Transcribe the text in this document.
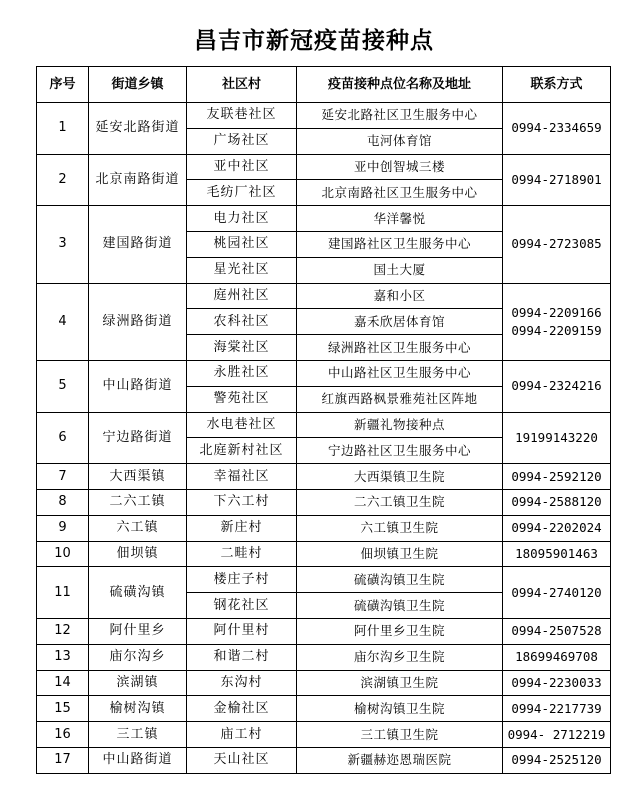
昌吉市新冠疫苗接种点
序号	街道乡镇	社区村	疫苗接种点位名称及地址	联系方式
1	延安北路街道	友联巷社区	延安北路社区卫生服务中心	0994-2334659

		广场社区	屯河体育馆	
2	北京南路街道	亚中社区	亚中创智城三楼	0994-2718901

		毛纺厂社区	北京南路社区卫生服务中心	
3	建国路街道	电力社区	华洋馨悦	0994-2723085

		桃园社区	建国路社区卫生服务中心	
		星光社区	国土大厦	
4	绿洲路街道	庭州社区	嘉和小区	0994-2209166
0994-2209159

		农科社区	嘉禾欣居体育馆	
		海棠社区	绿洲路社区卫生服务中心	
5	中山路街道	永胜社区	中山路社区卫生服务中心	0994-2324216

		警苑社区	红旗西路枫景雅苑社区阵地	
6	宁边路街道	水电巷社区	新疆礼物接种点	19199143220

		北庭新村社区	宁边路社区卫生服务中心	
7	大西渠镇	幸福社区	大西渠镇卫生院	0994-2592120

8	二六工镇	下六工村	二六工镇卫生院	0994-2588120

9	六工镇	新庄村	六工镇卫生院	0994-2202024

10	佃坝镇	二畦村	佃坝镇卫生院	18095901463

11	硫磺沟镇	楼庄子村	硫磺沟镇卫生院	0994-2740120

		钢花社区	硫磺沟镇卫生院	
12	阿什里乡	阿什里村	阿什里乡卫生院	0994-2507528

13	庙尔沟乡	和谐二村	庙尔沟乡卫生院	18699469708

14	滨湖镇	东沟村	滨湖镇卫生院	0994-2230033

15	榆树沟镇	金榆社区	榆树沟镇卫生院	0994-2217739

16	三工镇	庙工村	三工镇卫生院	0994- 2712219

17	中山路街道	天山社区	新疆赫迩恩瑞医院	0994-2525120
